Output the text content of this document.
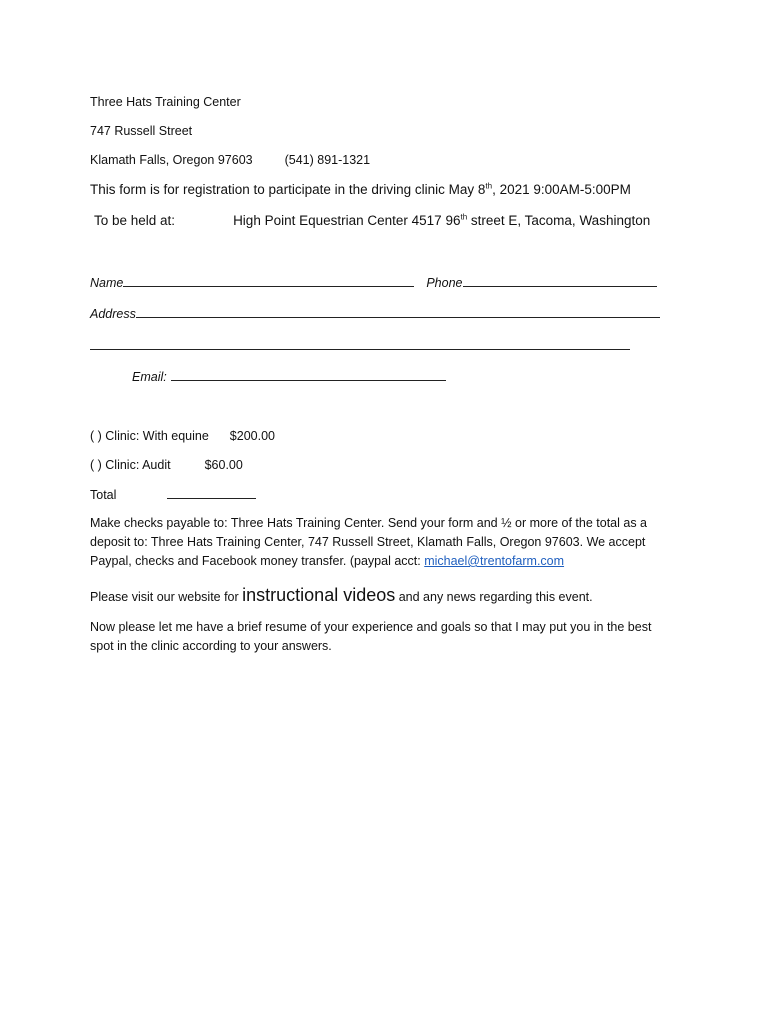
Three Hats Training Center
747 Russell Street
Klamath Falls, Oregon 97603	(541) 891-1321
This form is for registration to participate in the driving clinic May 8th, 2021 9:00AM-5:00PM
To be held at:	High Point Equestrian Center 4517 96th street E, Tacoma, Washington
Name	Phone
Address
Email:
( ) Clinic: With equine $200.00
( ) Clinic: Audit	$60.00
Total
Make checks payable to: Three Hats Training Center. Send your form and ½ or more of the total as a deposit to: Three Hats Training Center, 747 Russell Street, Klamath Falls, Oregon 97603. We accept Paypal, checks and Facebook money transfer. (paypal acct: michael@trentofarm.com
Please visit our website for instructional videos and any news regarding this event.
Now please let me have a brief resume of your experience and goals so that I may put you in the best spot in the clinic according to your answers.
